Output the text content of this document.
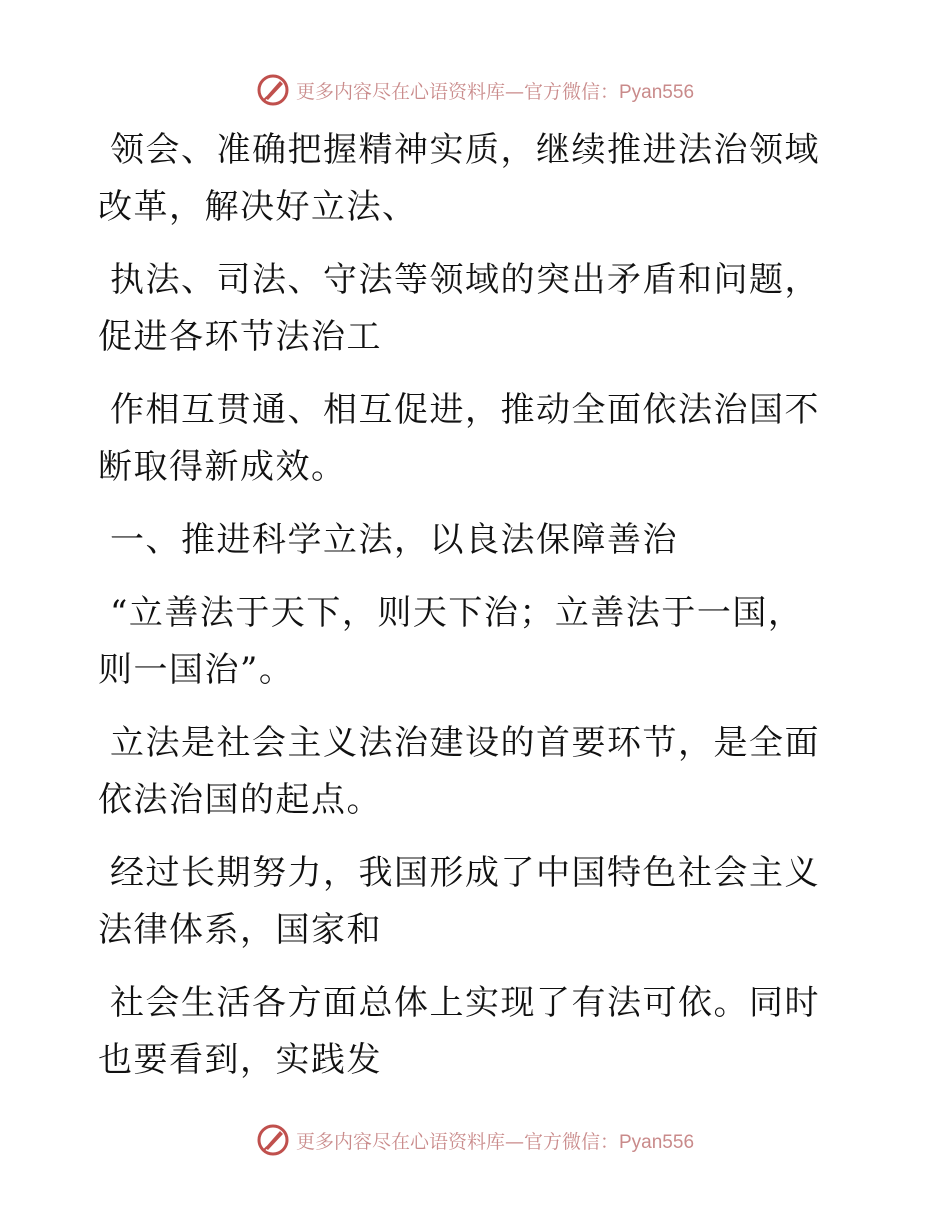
更多内容尽在心语资料库—官方微信：Pyan556

领会、准确把握精神实质，继续推进法治领域改革，解决好立法、

执法、司法、守法等领域的突出矛盾和问题，促进各环节法治工

作相互贯通、相互促进，推动全面依法治国不断取得新成效。

一、推进科学立法，以良法保障善治

“立善法于天下，则天下治；立善法于一国，则一国治”。

立法是社会主义法治建设的首要环节，是全面依法治国的起点。

经过长期努力，我国形成了中国特色社会主义法律体系，国家和

社会生活各方面总体上实现了有法可依。同时也要看到，实践发

更多内容尽在心语资料库—官方微信：Pyan556
